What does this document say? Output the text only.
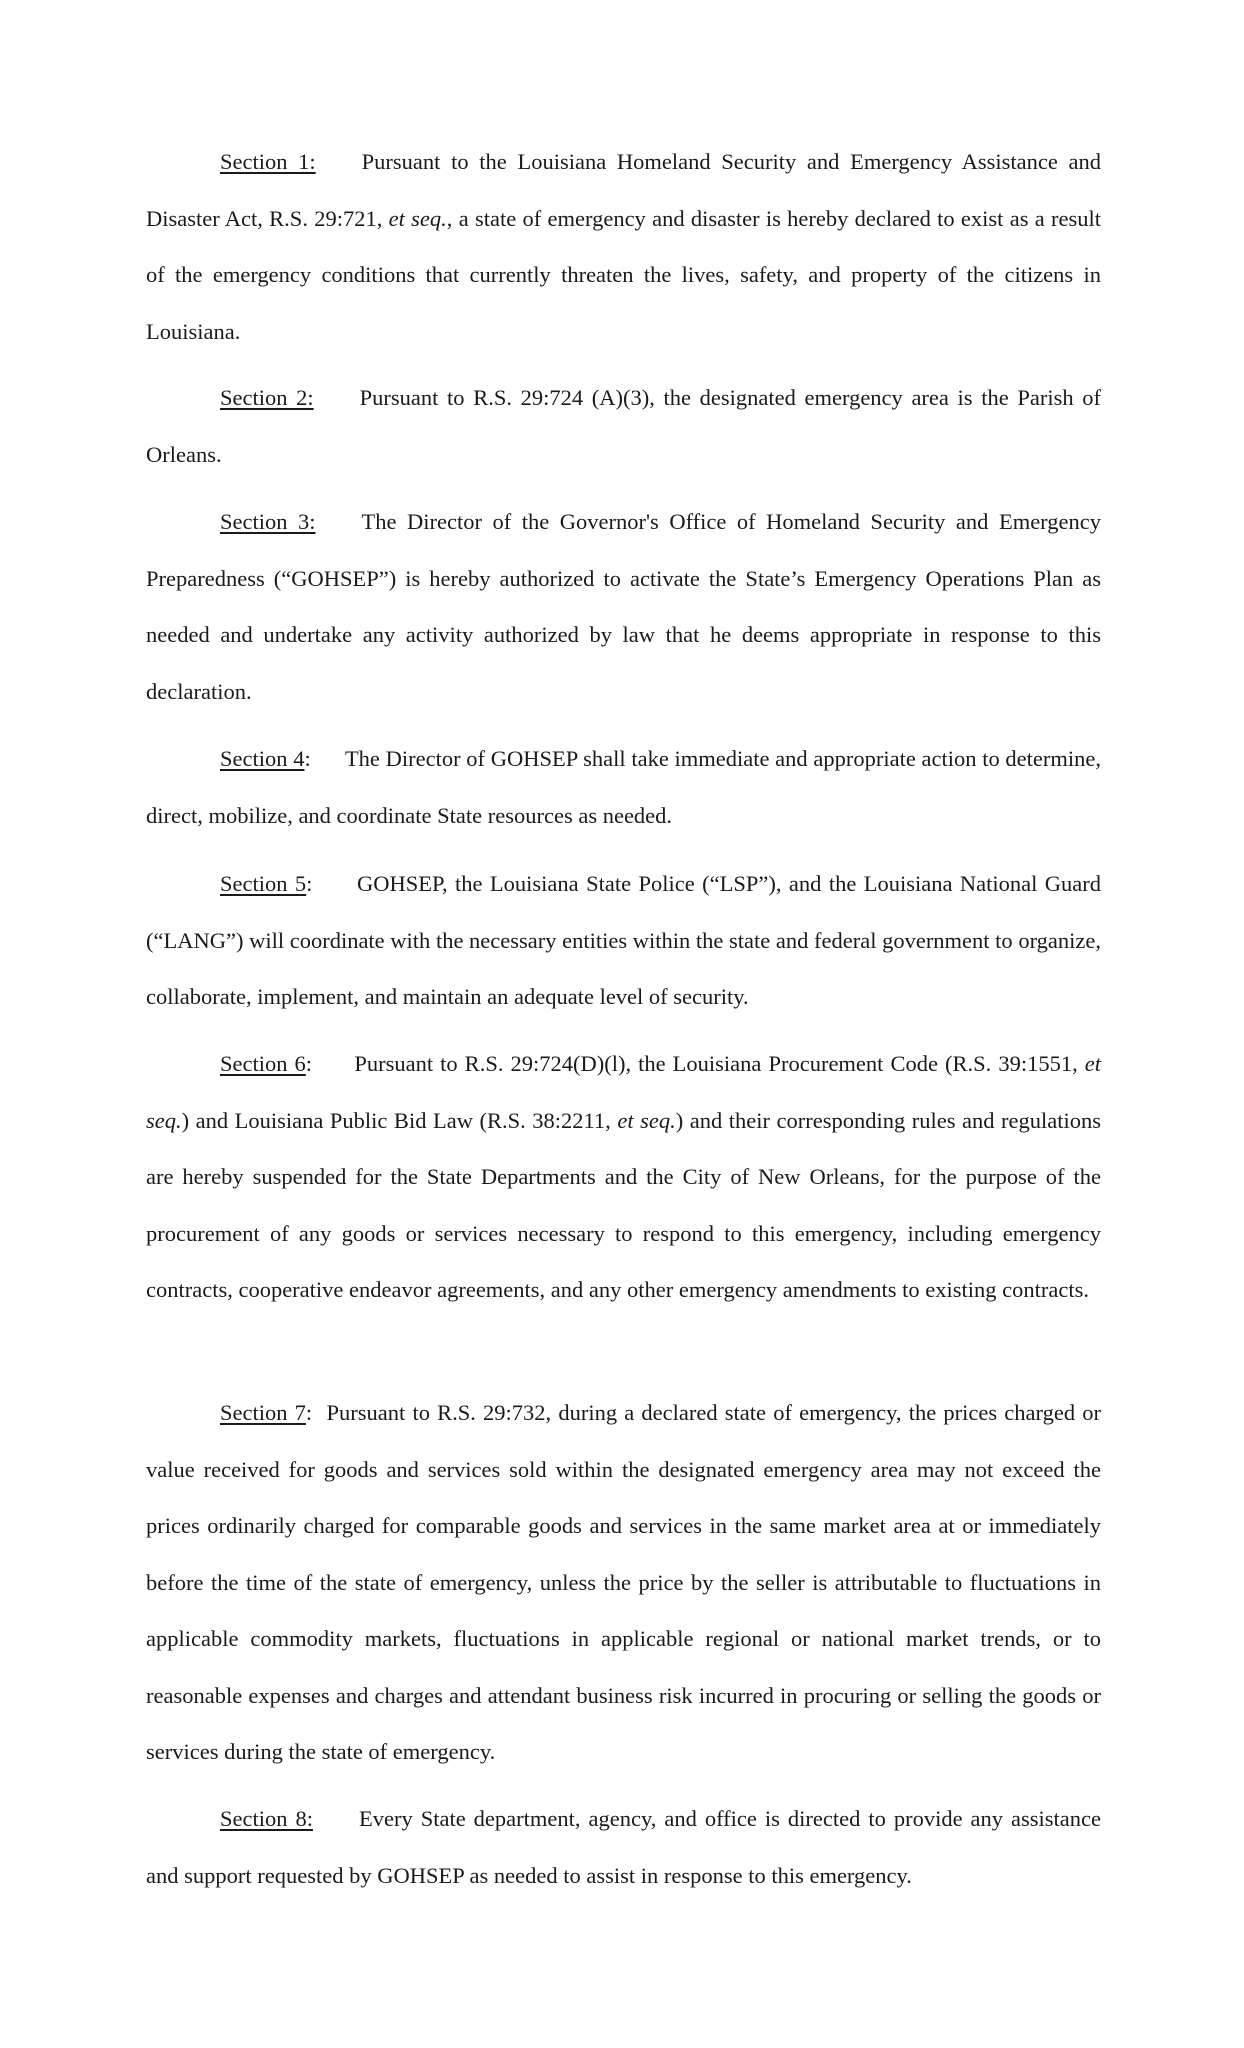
Section 1: Pursuant to the Louisiana Homeland Security and Emergency Assistance and Disaster Act, R.S. 29:721, et seq., a state of emergency and disaster is hereby declared to exist as a result of the emergency conditions that currently threaten the lives, safety, and property of the citizens in Louisiana.

Section 2: Pursuant to R.S. 29:724 (A)(3), the designated emergency area is the Parish of Orleans.

Section 3: The Director of the Governor's Office of Homeland Security and Emergency Preparedness (“GOHSEP”) is hereby authorized to activate the State’s Emergency Operations Plan as needed and undertake any activity authorized by law that he deems appropriate in response to this declaration.

Section 4:      The Director of GOHSEP shall take immediate and appropriate action to determine, direct, mobilize, and coordinate State resources as needed.

Section 5:      GOHSEP, the Louisiana State Police (“LSP”), and the Louisiana National Guard (“LANG”) will coordinate with the necessary entities within the state and federal government to organize, collaborate, implement, and maintain an adequate level of security.

Section 6:      Pursuant to R.S. 29:724(D)(l), the Louisiana Procurement Code (R.S. 39:1551, et seq.) and Louisiana Public Bid Law (R.S. 38:2211, et seq.) and their corresponding rules and regulations are hereby suspended for the State Departments and the City of New Orleans, for the purpose of the procurement of any goods or services necessary to respond to this emergency, including emergency contracts, cooperative endeavor agreements, and any other emergency amendments to existing contracts.

Section 7:  Pursuant to R.S. 29:732, during a declared state of emergency, the prices charged or value received for goods and services sold within the designated emergency area may not exceed the prices ordinarily charged for comparable goods and services in the same market area at or immediately before the time of the state of emergency, unless the price by the seller is attributable to fluctuations in applicable commodity markets, fluctuations in applicable regional or national market trends, or to reasonable expenses and charges and attendant business risk incurred in procuring or selling the goods or services during the state of emergency.

Section 8: Every State department, agency, and office is directed to provide any assistance and support requested by GOHSEP as needed to assist in response to this emergency.
